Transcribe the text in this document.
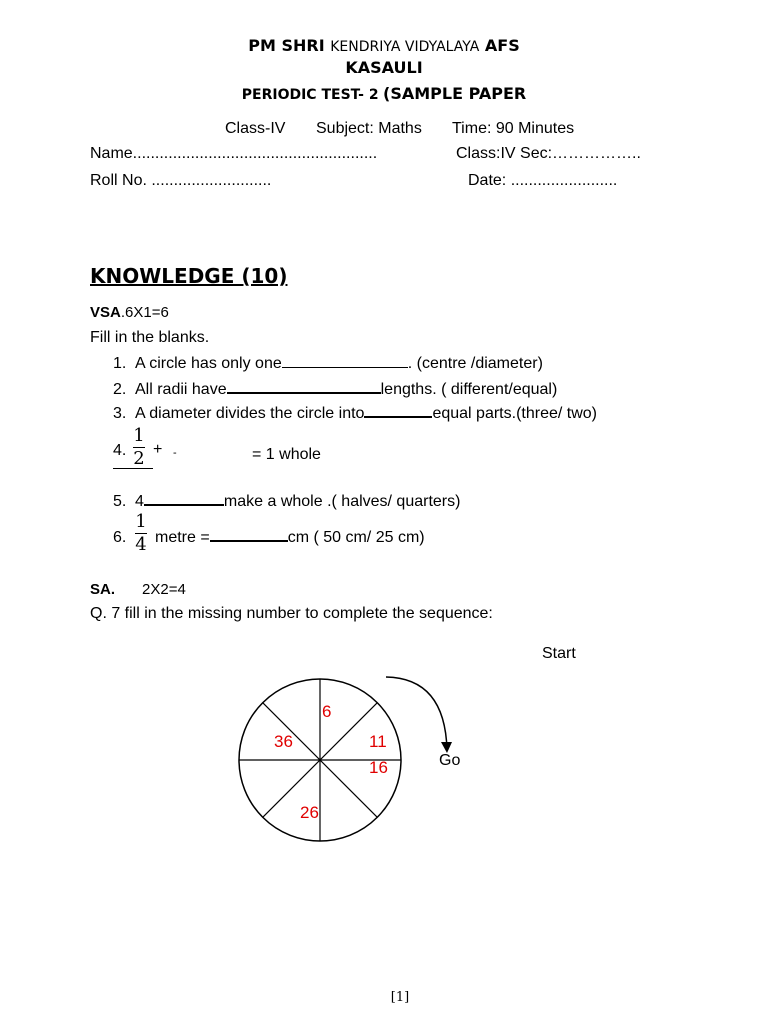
PM SHRI KENDRIYA VIDYALAYA AFS
KASAULI
PERIODIC TEST- 2 (SAMPLE PAPER
Class-IV Subject: Maths Time: 90 Minutes
Name.......................................................	Class:IV Sec:……………..
Roll No. ...........................	Date: ........................
KNOWLEDGE (10)
VSA.6X1=6
Fill in the blanks.
1. A circle has only one	. (centre /diameter)
2. All radii have	lengths. ( different/equal)
3. A diameter divides the circle into	equal parts.(three/ two)
4. $\frac{1}{2}$ + -	= 1 whole
5. 4	make a whole .( halves/ quarters)
6. $\frac{1}{4}$ metre =	cm ( 50 cm/ 25 cm)
SA. 2X2=4
Q. 7 fill in the missing number to complete the sequence:
Start
6
11
16
26
36
Go
[1]
